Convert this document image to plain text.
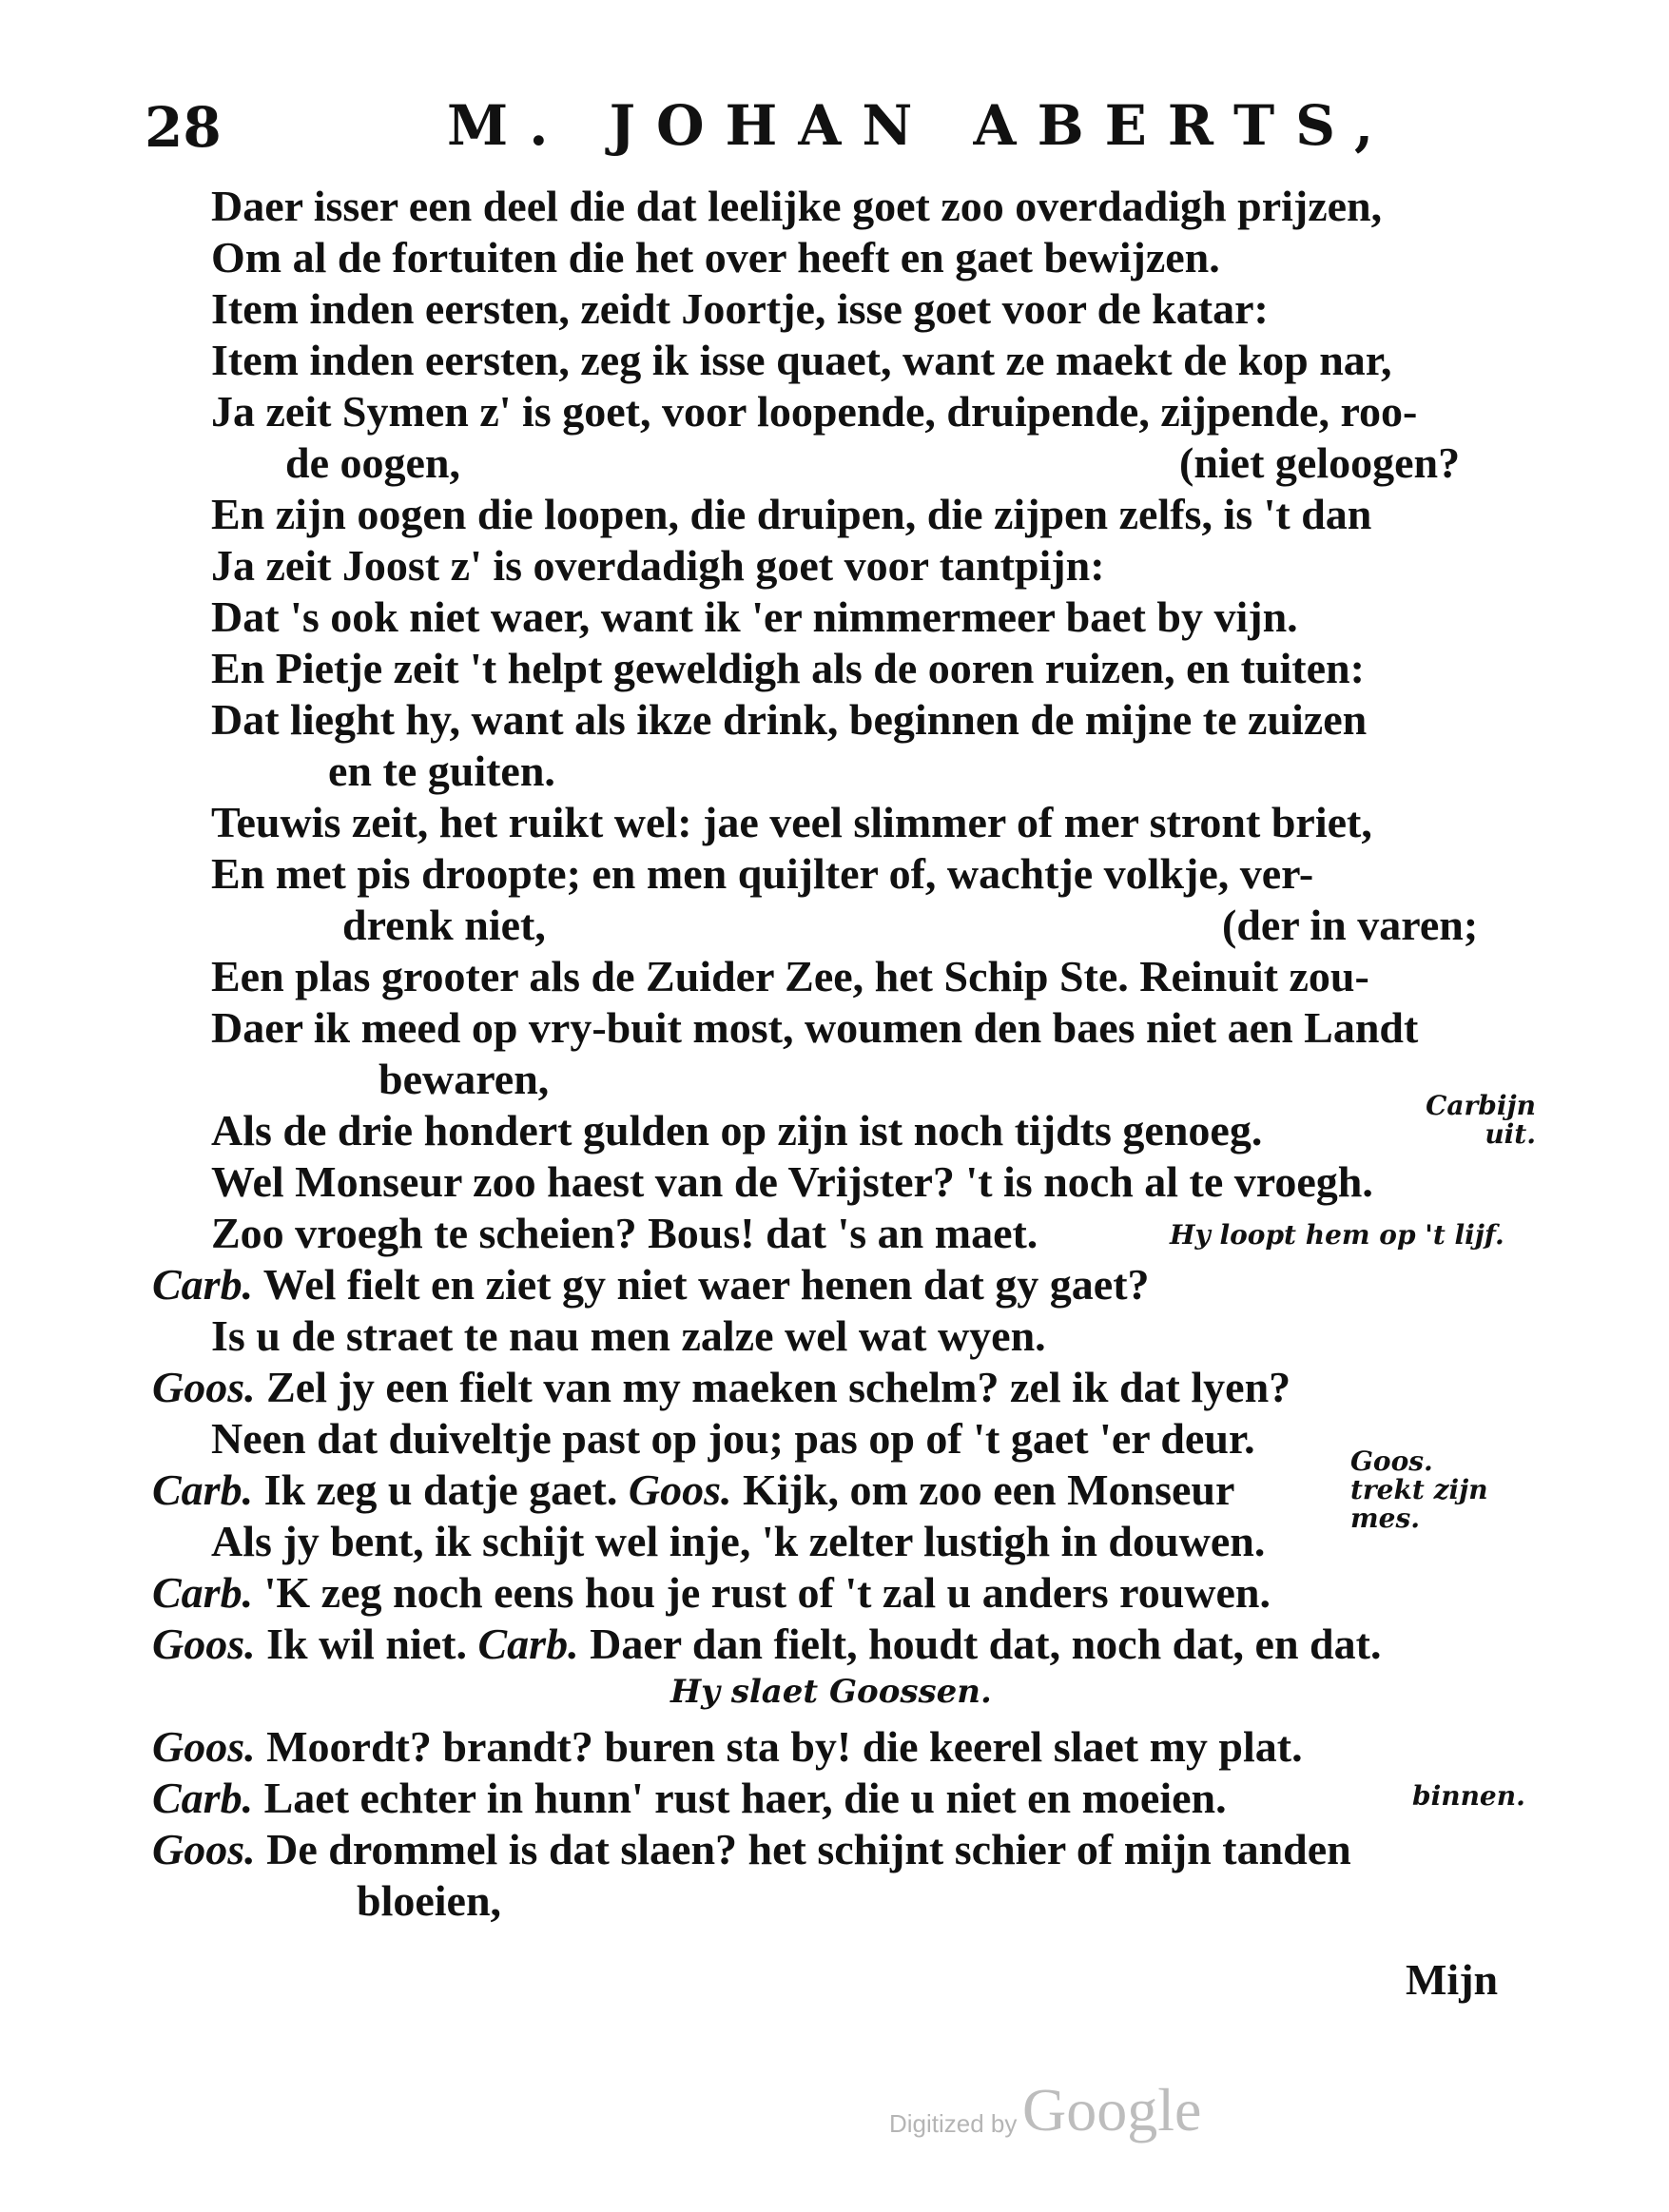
28	M. JOHAN ABERTS,
Daer isser een deel die dat leelijke goet zoo overdadigh prijzen,
Om al de fortuiten die het over heeft en gaet bewijzen.
Item inden eersten, zeidt Joortje, isse goet voor de katar:
Item inden eersten, zeg ik isse quaet, want ze maekt de kop nar,
Ja zeit Symen z' is goet, voor loopende, druipende, zijpende, roo-
de oogen,	(niet geloogen?
En zijn oogen die loopen, die druipen, die zijpen zelfs, is 't dan
Ja zeit Joost z' is overdadigh goet voor tantpijn:
Dat 's ook niet waer, want ik 'er nimmermeer baet by vijn.
En Pietje zeit 't helpt geweldigh als de ooren ruizen, en tuiten:
Dat lieght hy, want als ikze drink, beginnen de mijne te zuizen
en te guiten.
Teuwis zeit, het ruikt wel: jae veel slimmer of mer stront briet,
En met pis droopte; en men quijlter of, wachtje volkje, ver-
drenk niet,	(der in varen;
Een plas grooter als de Zuider Zee, het Schip Ste. Reinuit zou-
Daer ik meed op vry-buit most, woumen den baes niet aen Landt
bewaren,
Als de drie hondert gulden op zijn ist noch tijdts genoeg.
Wel Monseur zoo haest van de Vrijster? 't is noch al te vroegh.
Zoo vroegh te scheien? Bous! dat 's an maet.
Carb. Wel fielt en ziet gy niet waer henen dat gy gaet?
Is u de straet te nau men zalze wel wat wyen.
Goos. Zel jy een fielt van my maeken schelm? zel ik dat lyen?
Neen dat duiveltje past op jou; pas op of 't gaet 'er deur.
Carb. Ik zeg u datje gaet. Goos. Kijk, om zoo een Monseur
Als jy bent, ik schijt wel inje, 'k zelter lustigh in douwen.
Carb. 'K zeg noch eens hou je rust of 't zal u anders rouwen.
Goos. Ik wil niet. Carb. Daer dan fielt, houdt dat, noch dat, en dat.
Goos. Moordt? brandt? buren sta by! die keerel slaet my plat.
Carb. Laet echter in hunn' rust haer, die u niet en moeien.
Goos. De drommel is dat slaen? het schijnt schier of mijn tanden
bloeien,
Carbijn uit.
Hy loopt hem op 't lijf.
Goos. trekt zijn mes.
Hy slaet Goossen.
binnen.
Mijn
Digitized by Google
